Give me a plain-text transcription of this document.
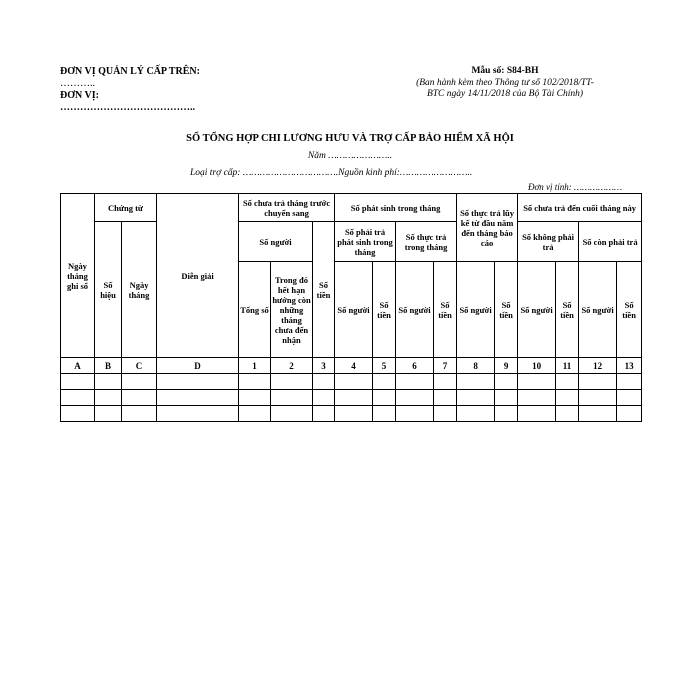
ĐƠN VỊ QUẢN LÝ CẤP TRÊN:
………..
ĐƠN VỊ:
…………………………………..
Mẫu số: S84-BH
(Ban hành kèm theo Thông tư số 102/2018/TT-
BTC ngày 14/11/2018 của Bộ Tài Chính)
SỔ TỔNG HỢP CHI LƯƠNG HƯU VÀ TRỢ CẤP BẢO HIỂM XÃ HỘI
Năm …………………..
Loại trợ cấp: …………………………….Nguồn kinh phí:……………………..
Đơn vị tính: ………………
Ngày tháng ghi sổ	Chứng từ		Diễn giải	Số chưa trả tháng trước chuyển sang			Số phát sinh trong tháng				Số thực trả lũy kế từ đầu năm đến tháng báo cáo		Số chưa trả đến cuối tháng này			
	Số hiệu	Ngày tháng		Số người		Số tiền	Số phải trả phát sinh trong tháng		Số thực trả trong tháng				Số không phải trả		Số còn phải trả	
				Tổng số	Trong đó hết hạn hướng còn những tháng chưa đến nhận		Số người	Số tiền	Số người	Số tiền	Số người	Số tiền	Số người	Số tiền	Số người	Số tiền
A	B	C	D	1	2	3	4	5	6	7	8	9	10	11	12	13
